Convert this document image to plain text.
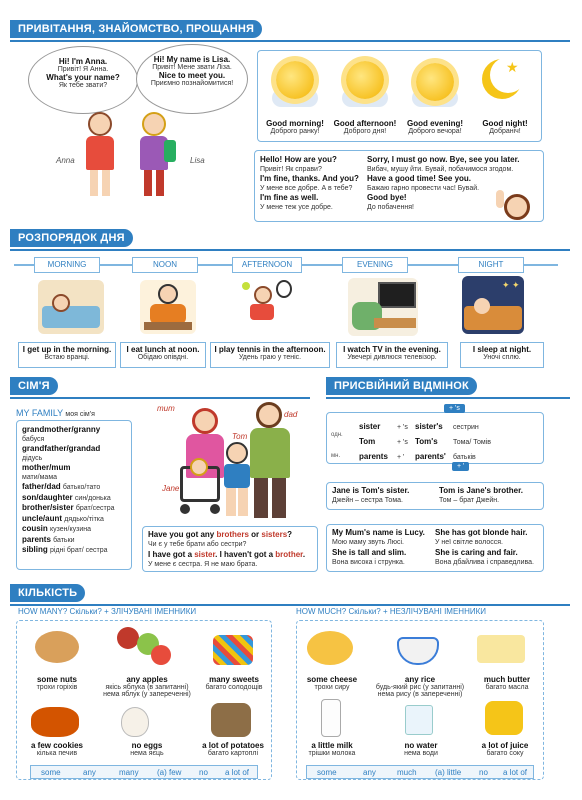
ПРИВІТАННЯ, ЗНАЙОМСТВО, ПРОЩАННЯ
Hi! I'm Anna.
Привіт! Я Анна.
What's your name?
Як тебе звати?
Hi! My name is Lisa.
Привіт! Мене звати Ліза.
Nice to meet you.
Приємно познайомитися!
Anna	Lisa
★
Good morning!
Доброго ранку!
Good afternoon!
Доброго дня!
Good evening!
Доброго вечора!
Good night!
Добраніч!
Hello! How are you?
Привіт! Як справи?
I'm fine, thanks. And you?
У мене все добре. А в тебе?
I'm fine as well.
У мене теж усе добре.
Sorry, I must go now. Bye, see you later.
Вибач, мушу йти. Бувай, побачимося згодом.
Have a good time! See you.
Бажаю гарно провести час! Бувай.
Good bye!
До побачення!
РОЗПОРЯДОК ДНЯ
MORNING	NOON	AFTERNOON	EVENING	NIGHT
✦ ✦
I get up in the morning.
Встаю вранці.
I eat lunch at noon.
Обідаю опівдні.
I play tennis in the afternoon.
Удень граю у теніс.
I watch TV in the evening.
Увечері дивлюся телевізор.
I sleep at night.
Уночі сплю.
СІМ'Я
MY FAMILY моя сім'я
grandmother/granny
бабуся
grandfather/grandad
дідусь
mother/mum
мати/мама
father/dad батько/тато
son/daughter син/донька
brother/sister брат/сестра
uncle/aunt дядько/тітка
cousin кузен/кузина
parents батьки
sibling рідні брат/ сестра
mum
dad
Tom
Jane
Have you got any brothers or sisters?
Чи є у тебе брати або сестри?
I have got a sister. I haven't got a brother.
У мене є сестра. Я не маю брата.
ПРИСВІЙНИЙ ВІДМІНОК
одн.
sister + 's sister's сестрин
Tom	+ 's Tom's Тома/ Томів
мн. parents + ' parents' батьків
+ 's
+ '
Jane is Tom's sister.
Джейн – сестра Тома.
Tom is Jane's brother.
Том – брат Джейн.
My Mum's name is Lucy.
Мою маму звуть Люсі.
She is tall and slim.
Вона висока і струнка.
She has got blonde hair.
У неї світле волосся.
She is caring and fair.
Вона дбайлива і справедлива.
КІЛЬКІСТЬ
HOW MANY? Скільки? + ЗЛІЧУВАНІ ІМЕННИКИ	HOW MUCH? Скільки? + НЕЗЛІЧУВАНІ ІМЕННИКИ
some nuts
трохи горіхів
any apples
якісь яблука (в запитанні)
нема яблук (у запереченні)
many sweets
багато солодощів
a few cookies
кілька печив
no eggs
нема яєць
a lot of potatoes
багато картоплі
some	any	many (a) few no a lot of
some cheese
трохи сиру
any rice
будь-який рис (у запитанні)
нема рису (в запереченні)
much butter
багато масла
a little milk
трішки молока
no water
нема води
a lot of juice
багато соку
some	any	much (a) little no a lot of
